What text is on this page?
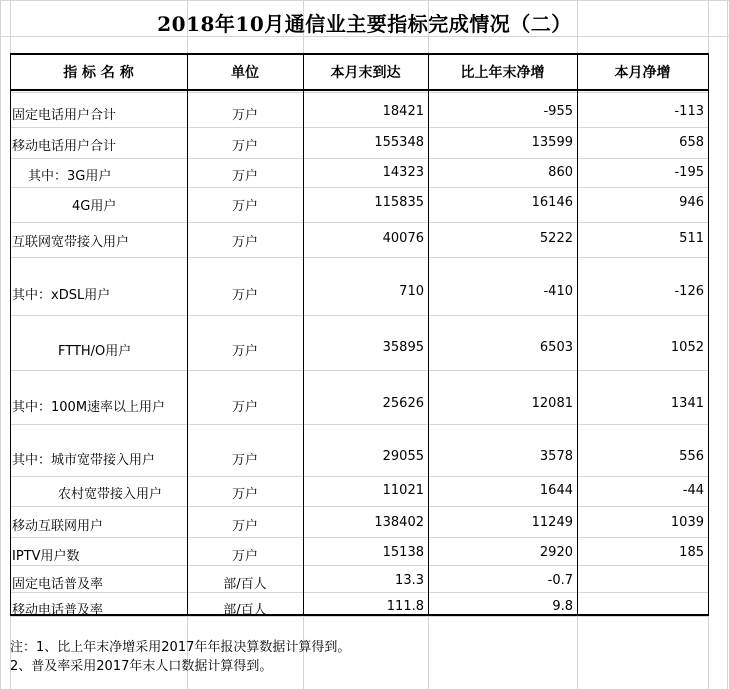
2018年10月通信业主要指标完成情况（二）
指 标 名 称	单位	本月末到达	比上年末净增	本月净增
固定电话用户合计	万户	18421	-955	-113
移动电话用户合计	万户	155348	13599	658
其中：3G用户	万户	14323	860	-195
4G用户	万户	115835	16146	946
互联网宽带接入用户	万户	40076	5222	511
其中：xDSL用户	万户	710	-410	-126
FTTH/O用户	万户	35895	6503	1052
其中：100M速率以上用户	万户	25626	12081	1341
其中：城市宽带接入用户	万户	29055	3578	556
农村宽带接入用户	万户	11021	1644	-44
移动互联网用户	万户	138402	11249	1039
IPTV用户数	万户	15138	2920	185
固定电话普及率	部/百人	13.3	-0.7
移动电话普及率	部/百人	111.8	9.8
注：1、比上年末净增采用2017年年报决算数据计算得到。
2、普及率采用2017年末人口数据计算得到。
